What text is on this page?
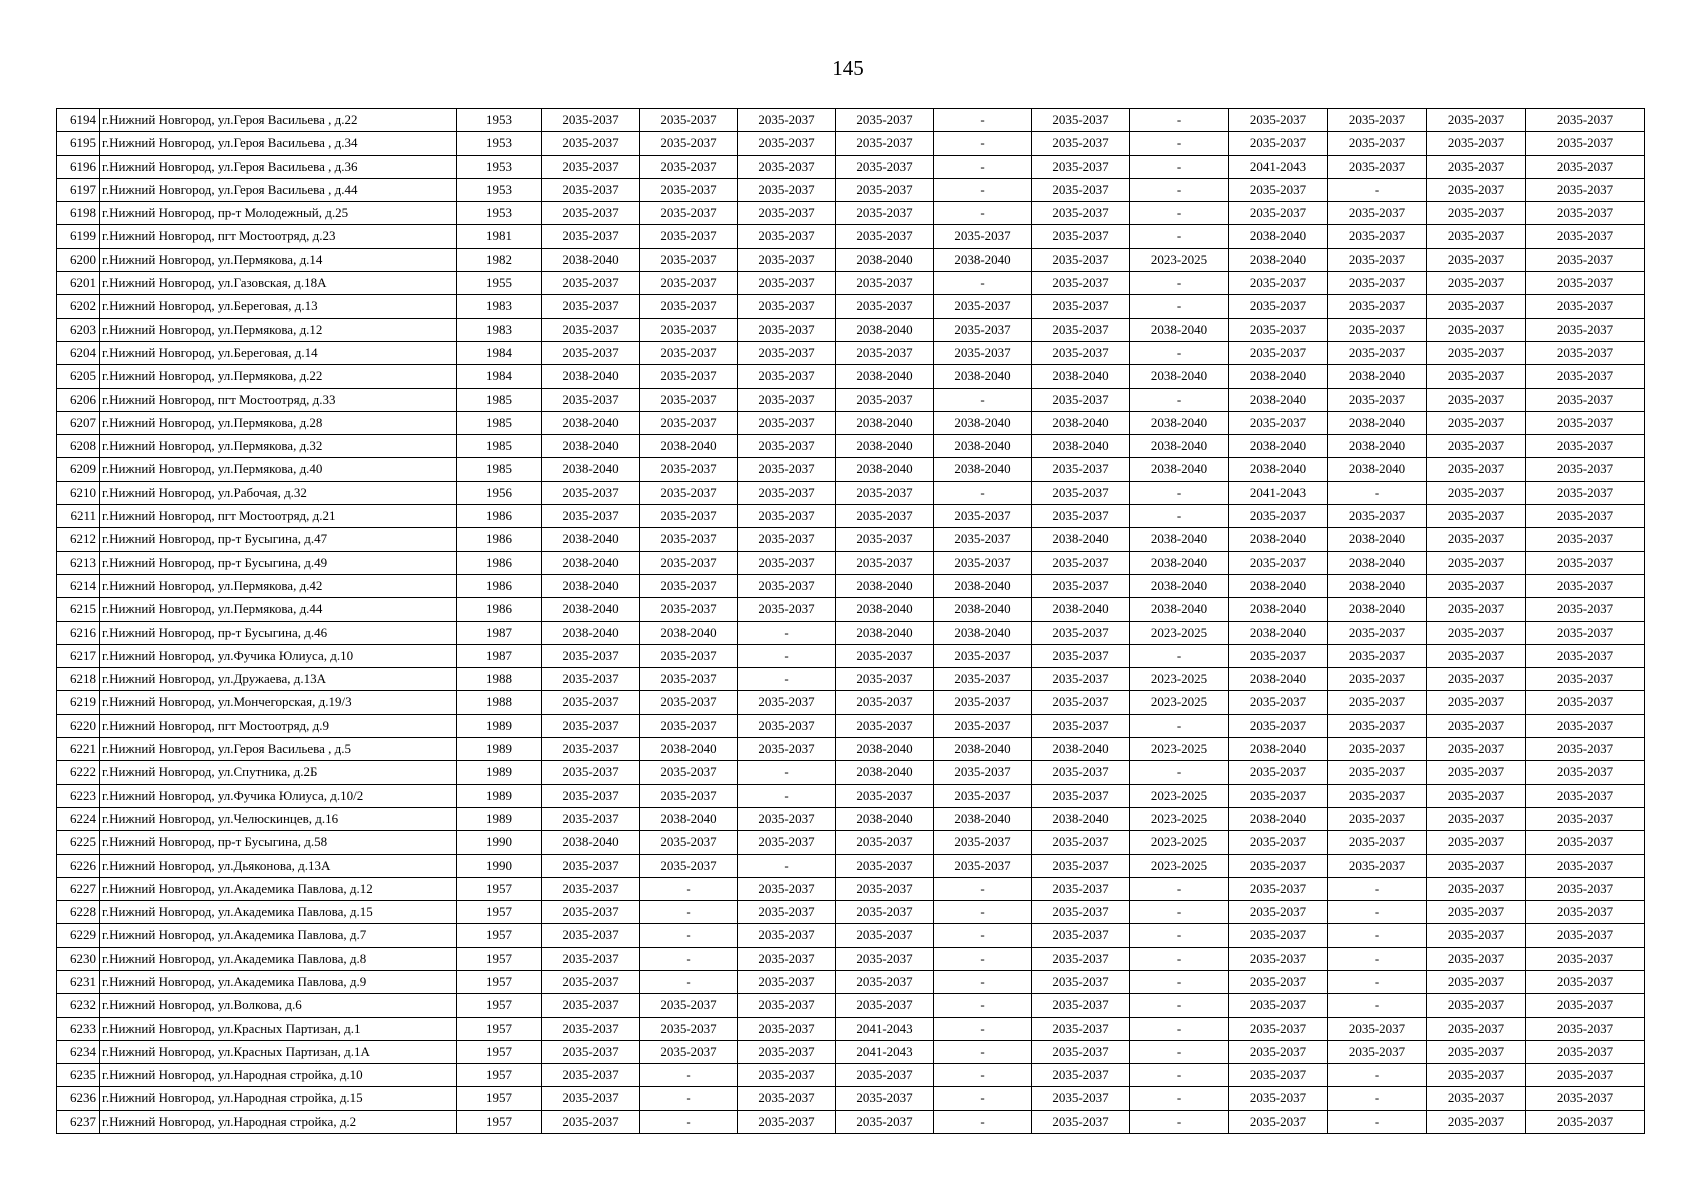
145
6194	г.Нижний Новгород, ул.Героя Васильева , д.22	1953	2035-2037	2035-2037	2035-2037	2035-2037	-	2035-2037	-	2035-2037	2035-2037	2035-2037	2035-2037
6195	г.Нижний Новгород, ул.Героя Васильева , д.34	1953	2035-2037	2035-2037	2035-2037	2035-2037	-	2035-2037	-	2035-2037	2035-2037	2035-2037	2035-2037
6196	г.Нижний Новгород, ул.Героя Васильева , д.36	1953	2035-2037	2035-2037	2035-2037	2035-2037	-	2035-2037	-	2041-2043	2035-2037	2035-2037	2035-2037
6197	г.Нижний Новгород, ул.Героя Васильева , д.44	1953	2035-2037	2035-2037	2035-2037	2035-2037	-	2035-2037	-	2035-2037	-	2035-2037	2035-2037
6198	г.Нижний Новгород, пр-т Молодежный, д.25	1953	2035-2037	2035-2037	2035-2037	2035-2037	-	2035-2037	-	2035-2037	2035-2037	2035-2037	2035-2037
6199	г.Нижний Новгород, пгт Мостоотряд, д.23	1981	2035-2037	2035-2037	2035-2037	2035-2037	2035-2037	2035-2037	-	2038-2040	2035-2037	2035-2037	2035-2037
6200	г.Нижний Новгород, ул.Пермякова, д.14	1982	2038-2040	2035-2037	2035-2037	2038-2040	2038-2040	2035-2037	2023-2025	2038-2040	2035-2037	2035-2037	2035-2037
6201	г.Нижний Новгород, ул.Газовская, д.18А	1955	2035-2037	2035-2037	2035-2037	2035-2037	-	2035-2037	-	2035-2037	2035-2037	2035-2037	2035-2037
6202	г.Нижний Новгород, ул.Береговая, д.13	1983	2035-2037	2035-2037	2035-2037	2035-2037	2035-2037	2035-2037	-	2035-2037	2035-2037	2035-2037	2035-2037
6203	г.Нижний Новгород, ул.Пермякова, д.12	1983	2035-2037	2035-2037	2035-2037	2038-2040	2035-2037	2035-2037	2038-2040	2035-2037	2035-2037	2035-2037	2035-2037
6204	г.Нижний Новгород, ул.Береговая, д.14	1984	2035-2037	2035-2037	2035-2037	2035-2037	2035-2037	2035-2037	-	2035-2037	2035-2037	2035-2037	2035-2037
6205	г.Нижний Новгород, ул.Пермякова, д.22	1984	2038-2040	2035-2037	2035-2037	2038-2040	2038-2040	2038-2040	2038-2040	2038-2040	2038-2040	2035-2037	2035-2037
6206	г.Нижний Новгород, пгт Мостоотряд, д.33	1985	2035-2037	2035-2037	2035-2037	2035-2037	-	2035-2037	-	2038-2040	2035-2037	2035-2037	2035-2037
6207	г.Нижний Новгород, ул.Пермякова, д.28	1985	2038-2040	2035-2037	2035-2037	2038-2040	2038-2040	2038-2040	2038-2040	2035-2037	2038-2040	2035-2037	2035-2037
6208	г.Нижний Новгород, ул.Пермякова, д.32	1985	2038-2040	2038-2040	2035-2037	2038-2040	2038-2040	2038-2040	2038-2040	2038-2040	2038-2040	2035-2037	2035-2037
6209	г.Нижний Новгород, ул.Пермякова, д.40	1985	2038-2040	2035-2037	2035-2037	2038-2040	2038-2040	2035-2037	2038-2040	2038-2040	2038-2040	2035-2037	2035-2037
6210	г.Нижний Новгород, ул.Рабочая, д.32	1956	2035-2037	2035-2037	2035-2037	2035-2037	-	2035-2037	-	2041-2043	-	2035-2037	2035-2037
6211	г.Нижний Новгород, пгт Мостоотряд, д.21	1986	2035-2037	2035-2037	2035-2037	2035-2037	2035-2037	2035-2037	-	2035-2037	2035-2037	2035-2037	2035-2037
6212	г.Нижний Новгород, пр-т Бусыгина, д.47	1986	2038-2040	2035-2037	2035-2037	2035-2037	2035-2037	2038-2040	2038-2040	2038-2040	2038-2040	2035-2037	2035-2037
6213	г.Нижний Новгород, пр-т Бусыгина, д.49	1986	2038-2040	2035-2037	2035-2037	2035-2037	2035-2037	2035-2037	2038-2040	2035-2037	2038-2040	2035-2037	2035-2037
6214	г.Нижний Новгород, ул.Пермякова, д.42	1986	2038-2040	2035-2037	2035-2037	2038-2040	2038-2040	2035-2037	2038-2040	2038-2040	2038-2040	2035-2037	2035-2037
6215	г.Нижний Новгород, ул.Пермякова, д.44	1986	2038-2040	2035-2037	2035-2037	2038-2040	2038-2040	2038-2040	2038-2040	2038-2040	2038-2040	2035-2037	2035-2037
6216	г.Нижний Новгород, пр-т Бусыгина, д.46	1987	2038-2040	2038-2040	-	2038-2040	2038-2040	2035-2037	2023-2025	2038-2040	2035-2037	2035-2037	2035-2037
6217	г.Нижний Новгород, ул.Фучика Юлиуса, д.10	1987	2035-2037	2035-2037	-	2035-2037	2035-2037	2035-2037	-	2035-2037	2035-2037	2035-2037	2035-2037
6218	г.Нижний Новгород, ул.Дружаева, д.13А	1988	2035-2037	2035-2037	-	2035-2037	2035-2037	2035-2037	2023-2025	2038-2040	2035-2037	2035-2037	2035-2037
6219	г.Нижний Новгород, ул.Мончегорская, д.19/3	1988	2035-2037	2035-2037	2035-2037	2035-2037	2035-2037	2035-2037	2023-2025	2035-2037	2035-2037	2035-2037	2035-2037
6220	г.Нижний Новгород, пгт Мостоотряд, д.9	1989	2035-2037	2035-2037	2035-2037	2035-2037	2035-2037	2035-2037	-	2035-2037	2035-2037	2035-2037	2035-2037
6221	г.Нижний Новгород, ул.Героя Васильева , д.5	1989	2035-2037	2038-2040	2035-2037	2038-2040	2038-2040	2038-2040	2023-2025	2038-2040	2035-2037	2035-2037	2035-2037
6222	г.Нижний Новгород, ул.Спутника, д.2Б	1989	2035-2037	2035-2037	-	2038-2040	2035-2037	2035-2037	-	2035-2037	2035-2037	2035-2037	2035-2037
6223	г.Нижний Новгород, ул.Фучика Юлиуса, д.10/2	1989	2035-2037	2035-2037	-	2035-2037	2035-2037	2035-2037	2023-2025	2035-2037	2035-2037	2035-2037	2035-2037
6224	г.Нижний Новгород, ул.Челюскинцев, д.16	1989	2035-2037	2038-2040	2035-2037	2038-2040	2038-2040	2038-2040	2023-2025	2038-2040	2035-2037	2035-2037	2035-2037
6225	г.Нижний Новгород, пр-т Бусыгина, д.58	1990	2038-2040	2035-2037	2035-2037	2035-2037	2035-2037	2035-2037	2023-2025	2035-2037	2035-2037	2035-2037	2035-2037
6226	г.Нижний Новгород, ул.Дьяконова, д.13А	1990	2035-2037	2035-2037	-	2035-2037	2035-2037	2035-2037	2023-2025	2035-2037	2035-2037	2035-2037	2035-2037
6227	г.Нижний Новгород, ул.Академика Павлова, д.12	1957	2035-2037	-	2035-2037	2035-2037	-	2035-2037	-	2035-2037	-	2035-2037	2035-2037
6228	г.Нижний Новгород, ул.Академика Павлова, д.15	1957	2035-2037	-	2035-2037	2035-2037	-	2035-2037	-	2035-2037	-	2035-2037	2035-2037
6229	г.Нижний Новгород, ул.Академика Павлова, д.7	1957	2035-2037	-	2035-2037	2035-2037	-	2035-2037	-	2035-2037	-	2035-2037	2035-2037
6230	г.Нижний Новгород, ул.Академика Павлова, д.8	1957	2035-2037	-	2035-2037	2035-2037	-	2035-2037	-	2035-2037	-	2035-2037	2035-2037
6231	г.Нижний Новгород, ул.Академика Павлова, д.9	1957	2035-2037	-	2035-2037	2035-2037	-	2035-2037	-	2035-2037	-	2035-2037	2035-2037
6232	г.Нижний Новгород, ул.Волкова, д.6	1957	2035-2037	2035-2037	2035-2037	2035-2037	-	2035-2037	-	2035-2037	-	2035-2037	2035-2037
6233	г.Нижний Новгород, ул.Красных Партизан, д.1	1957	2035-2037	2035-2037	2035-2037	2041-2043	-	2035-2037	-	2035-2037	2035-2037	2035-2037	2035-2037
6234	г.Нижний Новгород, ул.Красных Партизан, д.1А	1957	2035-2037	2035-2037	2035-2037	2041-2043	-	2035-2037	-	2035-2037	2035-2037	2035-2037	2035-2037
6235	г.Нижний Новгород, ул.Народная стройка, д.10	1957	2035-2037	-	2035-2037	2035-2037	-	2035-2037	-	2035-2037	-	2035-2037	2035-2037
6236	г.Нижний Новгород, ул.Народная стройка, д.15	1957	2035-2037	-	2035-2037	2035-2037	-	2035-2037	-	2035-2037	-	2035-2037	2035-2037
6237	г.Нижний Новгород, ул.Народная стройка, д.2	1957	2035-2037	-	2035-2037	2035-2037	-	2035-2037	-	2035-2037	-	2035-2037	2035-2037
